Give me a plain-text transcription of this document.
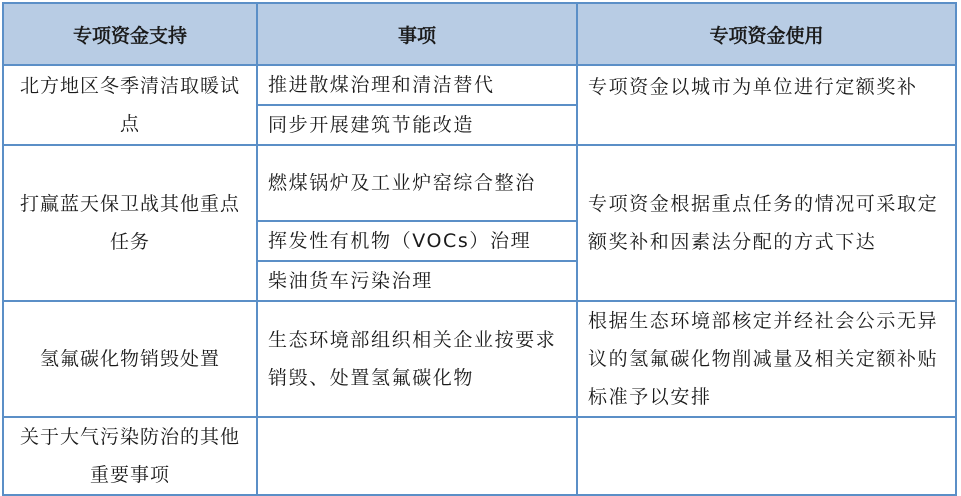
专项资金支持	事项	专项资金使用

北方地区冬季清洁取暖试点	推进散煤治理和清洁替代	专项资金以城市为单位进行定额奖补

	同步开展建筑节能改造	

打赢蓝天保卫战其他重点任务	燃煤锅炉及工业炉窑综合整治	专项资金根据重点任务的情况可采取定额奖补和因素法分配的方式下达

	挥发性有机物（VOCs）治理	

	柴油货车污染治理	

氢氟碳化物销毁处置	生态环境部组织相关企业按要求销毁、处置氢氟碳化物	根据生态环境部核定并经社会公示无异议的氢氟碳化物削减量及相关定额补贴标准予以安排

关于大气污染防治的其他重要事项		
